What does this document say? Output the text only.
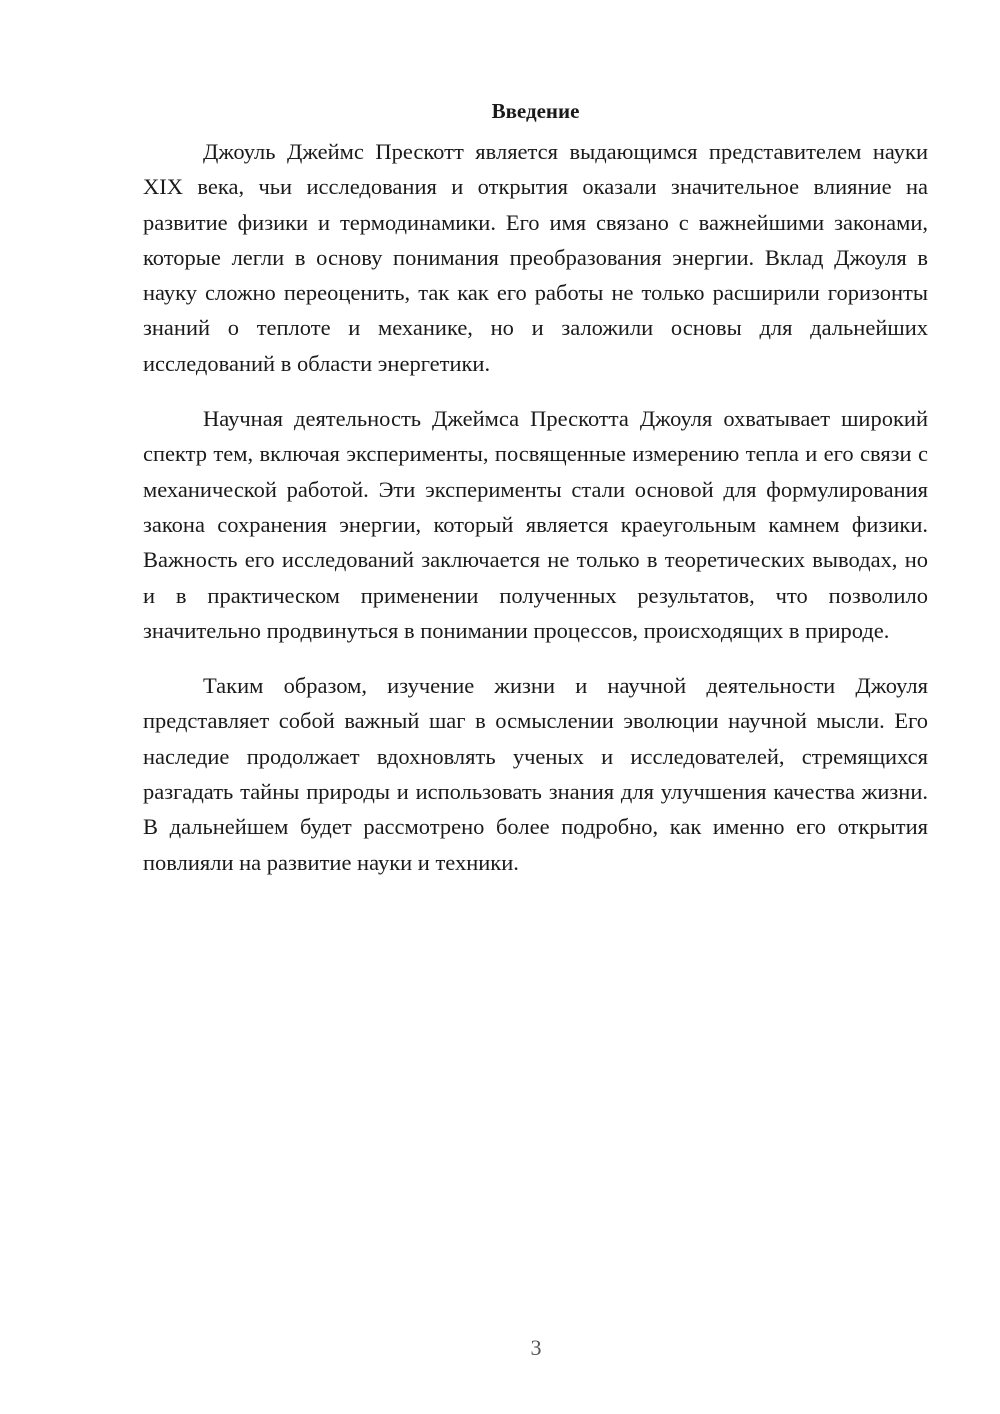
Введение

Джоуль Джеймс Прескотт является выдающимся представителем науки XIX века, чьи исследования и открытия оказали значительное влияние на развитие физики и термодинамики. Его имя связано с важнейшими законами, которые легли в основу понимания преобразования энергии. Вклад Джоуля в науку сложно переоценить, так как его работы не только расширили горизонты знаний о теплоте и механике, но и заложили основы для дальнейших исследований в области энергетики.

Научная деятельность Джеймса Прескотта Джоуля охватывает широкий спектр тем, включая эксперименты, посвященные измерению тепла и его связи с механической работой. Эти эксперименты стали основой для формулирования закона сохранения энергии, который является краеугольным камнем физики. Важность его исследований заключается не только в теоретических выводах, но и в практическом применении полученных результатов, что позволило значительно продвинуться в понимании процессов, происходящих в природе.

Таким образом, изучение жизни и научной деятельности Джоуля представляет собой важный шаг в осмыслении эволюции научной мысли. Его наследие продолжает вдохновлять ученых и исследователей, стремящихся разгадать тайны природы и использовать знания для улучшения качества жизни. В дальнейшем будет рассмотрено более подробно, как именно его открытия повлияли на развитие науки и техники.

3
